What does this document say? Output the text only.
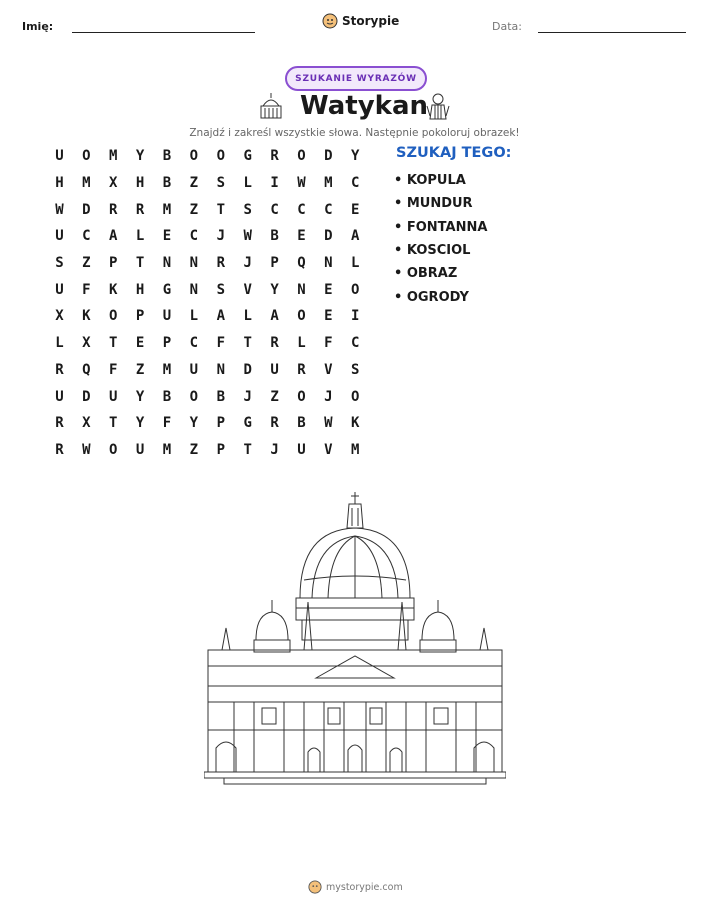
Imię:	Storypie	Data:
SZUKANIE WYRAZÓW
Watykan
Znajdź i zakreśl wszystkie słowa. Następnie pokoloruj obrazek!
U	O	M	Y	B	O	O	G	R	O	D	Y
H	M	X	H	B	Z	S	L	I	W	M	C
W	D	R	R	M	Z	T	S	C	C	C	E
U	C	A	L	E	C	J	W	B	E	D	A
S	Z	P	T	N	N	R	J	P	Q	N	L
U	F	K	H	G	N	S	V	Y	N	E	O
X	K	O	P	U	L	A	L	A	O	E	I
L	X	T	E	P	C	F	T	R	L	F	C
R	Q	F	Z	M	U	N	D	U	R	V	S
U	D	U	Y	B	O	B	J	Z	O	J	O
R	X	T	Y	F	Y	P	G	R	B	W	K
R	W	O	U	M	Z	P	T	J	U	V	M
SZUKAJ TEGO:
• KOPULA
• MUNDUR
• FONTANNA
• KOSCIOL
• OBRAZ
• OGRODY
mystorypie.com
